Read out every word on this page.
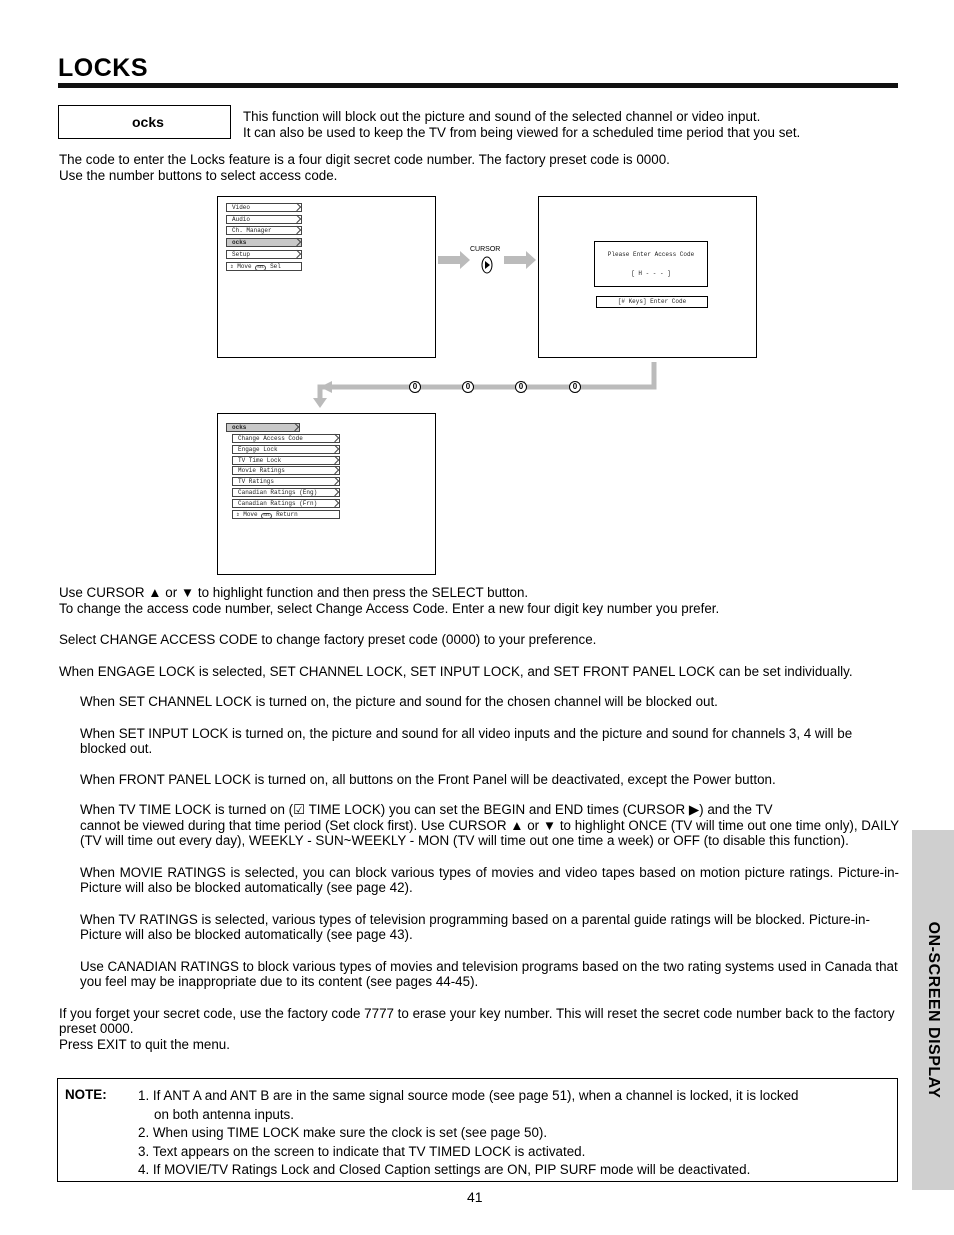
LOCKS
ocks	This function will block out the picture and sound of the selected channel or video input.
It can also be used to keep the TV from being viewed for a scheduled time period that you set.
The code to enter the Locks feature is a four digit secret code number. The factory preset code is 0000.
Use the number buttons to select access code.
Video
Audio
Ch. Manager
ocks
Setup
⇕ Move SEL Sel
CURSOR
Please Enter Access Code
[ H - - - ]
[# Keys] Enter Code
0	0	0	0
ocks
Change Access Code
Engage Lock
TV Time Lock
Movie Ratings
TV Ratings
Canadian Ratings (Eng)
Canadian Ratings (Frn)
⇕ Move SEL Return

Use CURSOR ▲ or ▼ to highlight function and then press the SELECT button.

To change the access code number, select Change Access Code. Enter a new four digit key number you prefer.

Select CHANGE ACCESS CODE to change factory preset code (0000) to your preference.

When ENGAGE LOCK is selected, SET CHANNEL LOCK, SET INPUT LOCK, and SET FRONT PANEL LOCK can be set individually.

When SET CHANNEL LOCK is turned on, the picture and sound for the chosen channel will be blocked out.

When SET INPUT LOCK is turned on, the picture and sound for all video inputs and the picture and sound for channels 3, 4 will be blocked out.

When FRONT PANEL LOCK is turned on, all buttons on the Front Panel will be deactivated, except the Power button.

When TV TIME LOCK is turned on (☑ TIME LOCK) you can set the BEGIN and END times (CURSOR ▶) and the TV

cannot be viewed during that time period (Set clock first). Use CURSOR ▲ or ▼ to highlight ONCE (TV will time out one time only), DAILY (TV will time out every day), WEEKLY - SUN~WEEKLY - MON (TV will time out one time a week) or OFF (to disable this function).

When MOVIE RATINGS is selected, you can block various types of movies and video tapes based on motion picture ratings. Picture-in-Picture will also be blocked automatically (see page 42).

When TV RATINGS is selected, various types of television programming based on a parental guide ratings will be blocked. Picture-in-Picture will also be blocked automatically (see page 43).

Use CANADIAN RATINGS to block various types of movies and television programs based on the two rating systems used in Canada that you feel may be inappropriate due to its content (see pages 44-45).

If you forget your secret code, use the factory code 7777 to erase your key number. This will reset the secret code number back to the factory preset 0000.

Press EXIT to quit the menu.

NOTE: 1. If ANT A and ANT B are in the same signal source mode (see page 51), when a channel is locked, it is locked
on both antenna inputs.
2. When using TIME LOCK make sure the clock is set (see page 50).
3. Text appears on the screen to indicate that TV TIMED LOCK is activated.
4. If MOVIE/TV Ratings Lock and Closed Caption settings are ON, PIP SURF mode will be deactivated.
41
ON-SCREEN DISPLAY
